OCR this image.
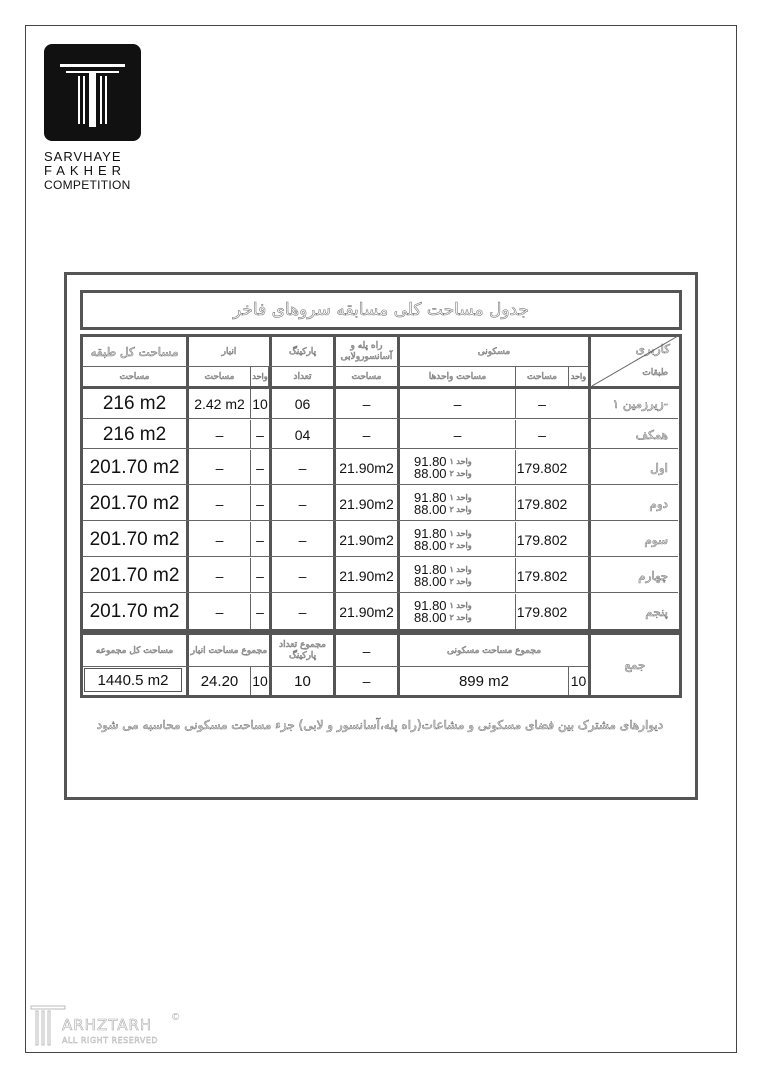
SARVHAYE
FAKHER
COMPETITION
جدول مساحت کلی مسابقه سروهای فاخر
کاربری
طبقات
مسکونی
واحد
مساحت
مساحت واحدها
راه پله و آسانسورولابی
مساحت
پارکینگ
تعداد
انبار
واحد
مساحت
مساحت کل طبقه
مساحت
زیرزمین ۱-
–
–
–
06
10
2.42 m2
216 m2
همکف
–
–
–
04
–
–
216 m2
اول
179.802
91.80 واحد ۱
88.00 واحد ۲
21.90m2
–
–
–
201.70 m2
دوم
179.802
91.80 واحد ۱
88.00 واحد ۲
21.90m2
–
–
–
201.70 m2
سوم
179.802
91.80 واحد ۱
88.00 واحد ۲
21.90m2
–
–
–
201.70 m2
چهارم
179.802
91.80 واحد ۱
88.00 واحد ۲
21.90m2
–
–
–
201.70 m2
پنجم
179.802
91.80 واحد ۱
88.00 واحد ۲
21.90m2
–
–
–
201.70 m2
جمع
مجموع مساحت مسکونی
899 m2	10
–
–
مجموع تعداد پارکینگ
10
مجموع مساحت انبار
24.20 10
مساحت کل مجموعه
1440.5 m2
دیوارهای مشترک بین فضای مسکونی و مشاعات(راه پله،آسانسور و لابی) جزء مساحت مسکونی محاسبه می شود
ARHZTARH
ALL RIGHT RESERVED
©
